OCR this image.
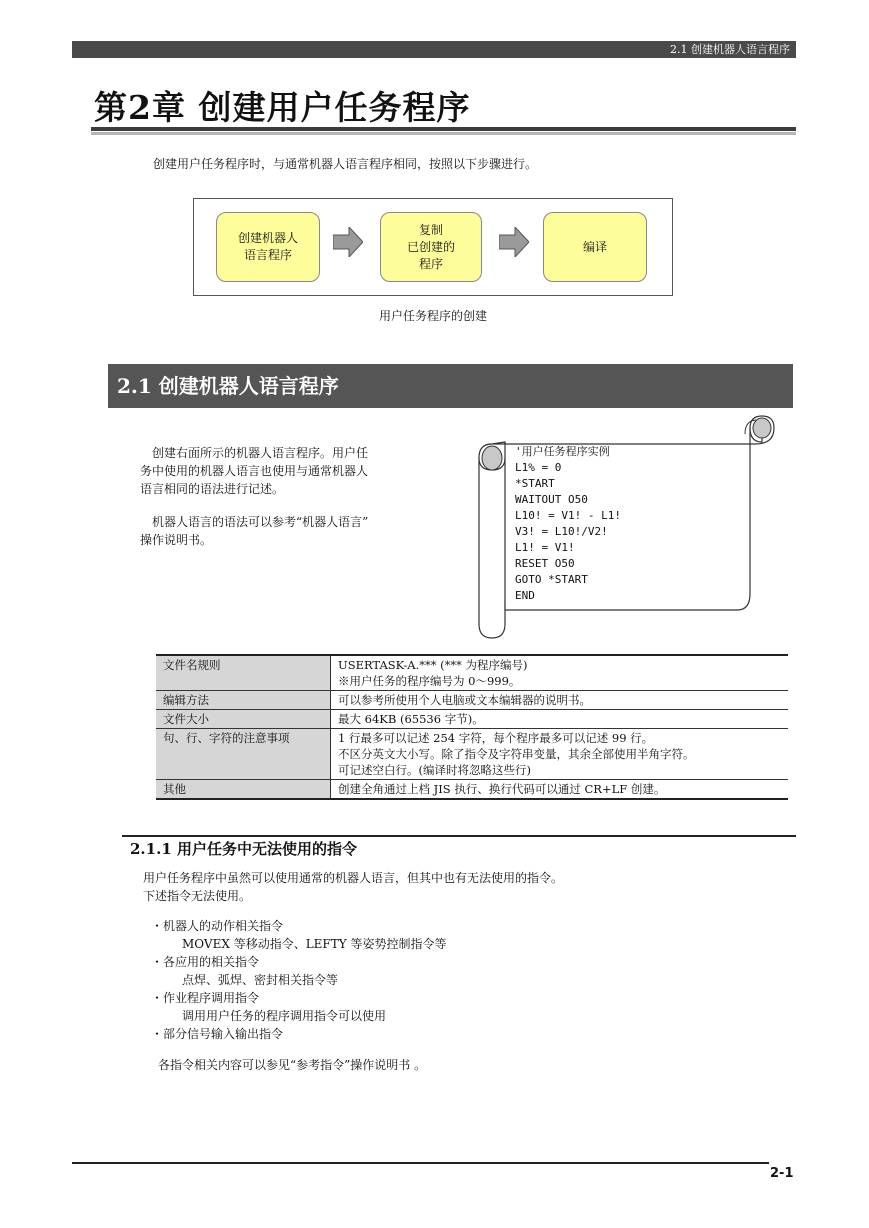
2.1 创建机器人语言程序
第2章 创建用户任务程序
创建用户任务程序时，与通常机器人语言程序相同，按照以下步骤进行。
创建机器人
语言程序
复制
已创建的
程序
编译
用户任务程序的创建
2.1 创建机器人语言程序
创建右面所示的机器人语言程序。用户任
务中使用的机器人语言也使用与通常机器人
语言相同的语法进行记述。
机器人语言的语法可以参考“机器人语言”
操作说明书。
'用户任务程序实例
L1% = 0
*START
WAITOUT O50
L10! = V1! - L1!
V3! = L10!/V2!
L1! = V1!
RESET O50
GOTO *START
END
文件名规则	USERTASK-A.*** (*** 为程序编号)
※用户任务的程序编号为 0～999。

编辑方法	可以参考所使用个人电脑或文本编辑器的说明书。

文件大小	最大 64KB (65536 字节)。

句、行、字符的注意事项	1 行最多可以记述 254 字符，每个程序最多可以记述 99 行。
不区分英文大小写。除了指令及字符串变量，其余全部使用半角字符。
可记述空白行。(编译时将忽略这些行)

其他	创建全角通过上档 JIS 执行、换行代码可以通过 CR+LF 创建。
2.1.1 用户任务中无法使用的指令
用户任务程序中虽然可以使用通常的机器人语言，但其中也有无法使用的指令。
下述指令无法使用。
・ 机器人的动作相关指令
MOVEX 等移动指令、LEFTY 等姿势控制指令等
・ 各应用的相关指令
点焊、弧焊、密封相关指令等
・ 作业程序调用指令
调用用户任务的程序调用指令可以使用
・ 部分信号输入输出指令
各指令相关内容可以参见“参考指令”操作说明书 。
2-1
